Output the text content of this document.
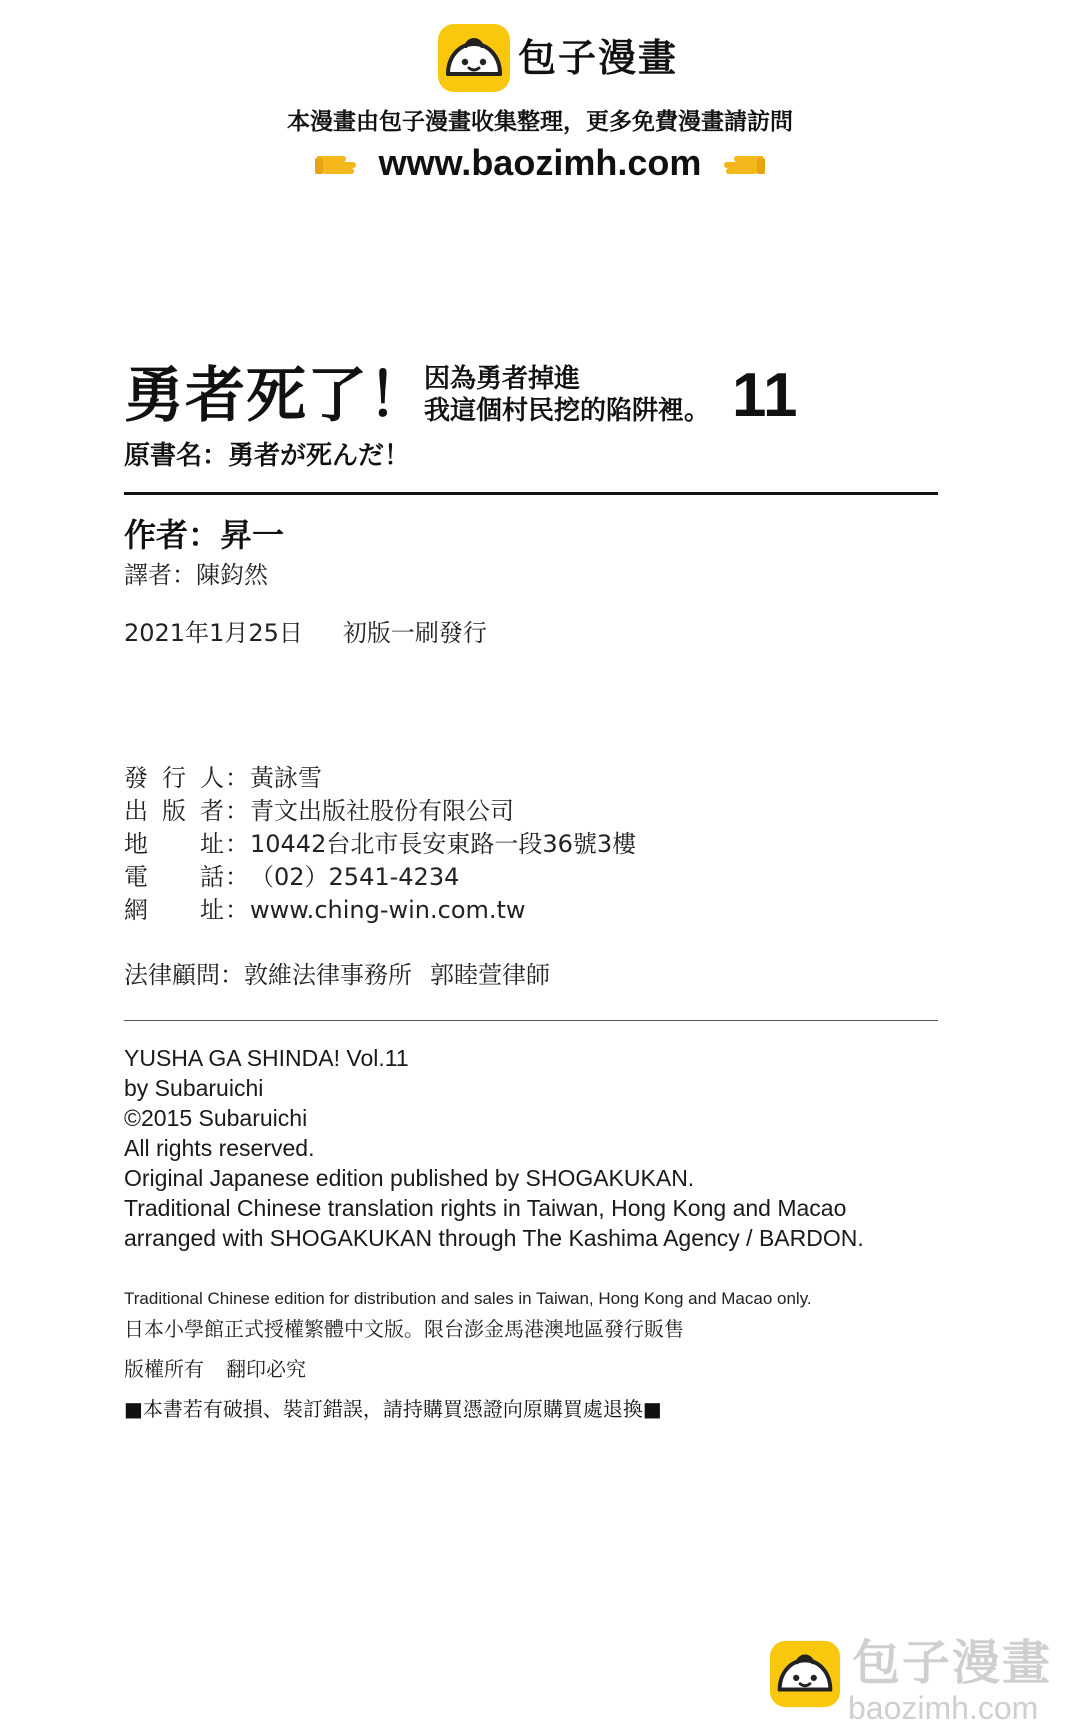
包子漫畫
本漫畫由包子漫畫收集整理，更多免費漫畫請訪問
www.baozimh.com
勇者死了！
因為勇者掉進
我這個村民挖的陷阱裡。 11
原書名：勇者が死んだ！
作者：昇一
譯者：陳鈞然
2021年1月25日 初版一刷發行
發 行 人 ： 黃詠雪
出 版 者 ： 青文出版社股份有限公司
地 址 ： 10442台北市長安東路一段36號3樓
電 話 ： （02）2541-4234
網 址 ： www.ching-win.com.tw
法律顧問：敦維法律事務所 郭睦萱律師
YUSHA GA SHINDA! Vol.11
by Subaruichi
©2015 Subaruichi
All rights reserved.
Original Japanese edition published by SHOGAKUKAN.
Traditional Chinese translation rights in Taiwan, Hong Kong and Macao
arranged with SHOGAKUKAN through The Kashima Agency / BARDON.
Traditional Chinese edition for distribution and sales in Taiwan, Hong Kong and Macao only.
日本小學館正式授權繁體中文版。限台澎金馬港澳地區發行販售
版權所有 翻印必究
■本書若有破損、裝訂錯誤，請持購買憑證向原購買處退換■
包子漫畫
baozimh.com
